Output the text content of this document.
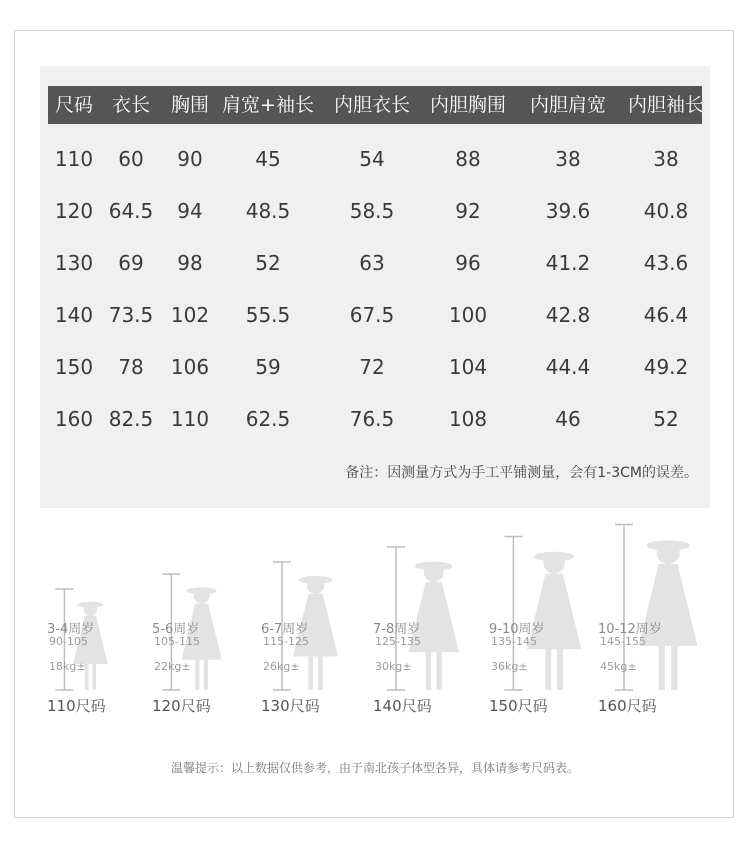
尺码 衣长 胸围 肩宽+袖长 内胆衣长 内胆胸围 内胆肩宽 内胆袖长
110 60 90	45	54	88	38	38
120 64.5 94 48.5	58.5	92	39.6	40.8
130 69 98	52	63	96	41.2	43.6
140 73.5 102 55.5	67.5	100	42.8	46.4
150 78 106 59	72	104	44.4	49.2
160 82.5 110 62.5	76.5	108	46	52
备注：因测量方式为手工平铺测量，会有1-3CM的误差。
3-4周岁
90-105
18kg±
110尺码
5-6周岁
105-115
22kg±
120尺码
6-7周岁
115-125
26kg±
130尺码
7-8周岁
125-135
30kg±
140尺码
9-10周岁
135-145
36kg±
150尺码
10-12周岁
145-155
45kg±
160尺码
温馨提示：以上数据仅供参考，由于南北孩子体型各异，具体请参考尺码表。
